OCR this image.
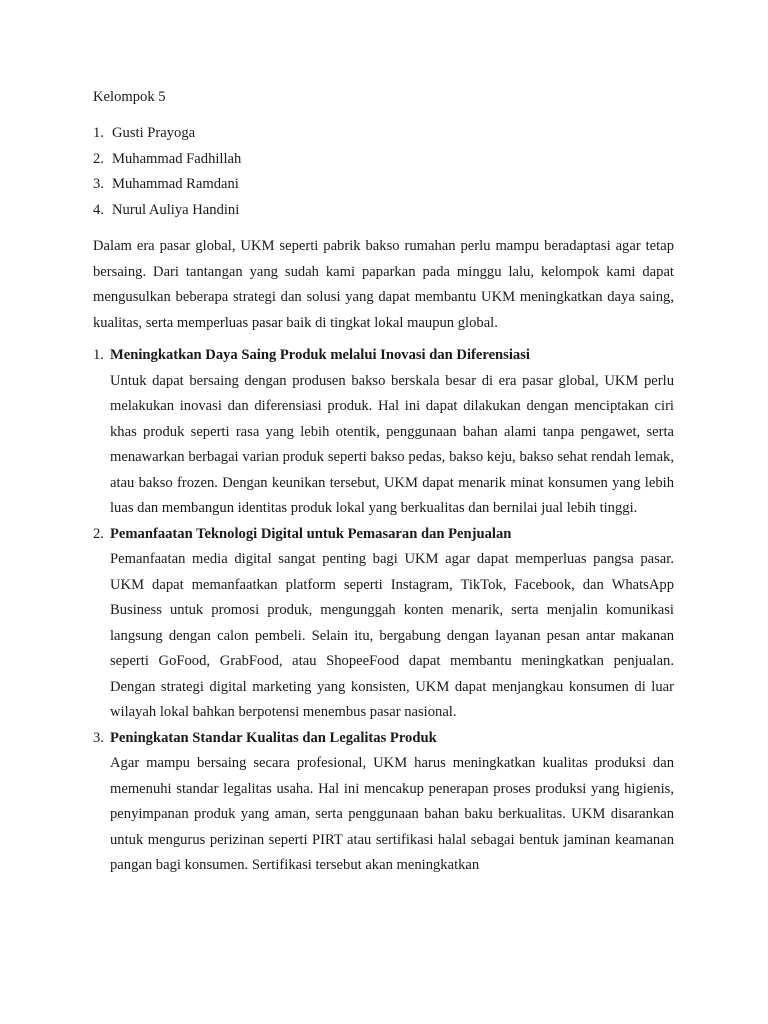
Kelompok 5

1. Gusti Prayoga
2. Muhammad Fadhillah
3. Muhammad Ramdani
4. Nurul Auliya Handini

Dalam era pasar global, UKM seperti pabrik bakso rumahan perlu mampu beradaptasi agar tetap bersaing. Dari tantangan yang sudah kami paparkan pada minggu lalu, kelompok kami dapat mengusulkan beberapa strategi dan solusi yang dapat membantu UKM meningkatkan daya saing, kualitas, serta memperluas pasar baik di tingkat lokal maupun global.

1. Meningkatkan Daya Saing Produk melalui Inovasi dan Diferensiasi

Untuk dapat bersaing dengan produsen bakso berskala besar di era pasar global, UKM perlu melakukan inovasi dan diferensiasi produk. Hal ini dapat dilakukan dengan menciptakan ciri khas produk seperti rasa yang lebih otentik, penggunaan bahan alami tanpa pengawet, serta menawarkan berbagai varian produk seperti bakso pedas, bakso keju, bakso sehat rendah lemak, atau bakso frozen. Dengan keunikan tersebut, UKM dapat menarik minat konsumen yang lebih luas dan membangun identitas produk lokal yang berkualitas dan bernilai jual lebih tinggi.

2. Pemanfaatan Teknologi Digital untuk Pemasaran dan Penjualan

Pemanfaatan media digital sangat penting bagi UKM agar dapat memperluas pangsa pasar. UKM dapat memanfaatkan platform seperti Instagram, TikTok, Facebook, dan WhatsApp Business untuk promosi produk, mengunggah konten menarik, serta menjalin komunikasi langsung dengan calon pembeli. Selain itu, bergabung dengan layanan pesan antar makanan seperti GoFood, GrabFood, atau ShopeeFood dapat membantu meningkatkan penjualan. Dengan strategi digital marketing yang konsisten, UKM dapat menjangkau konsumen di luar wilayah lokal bahkan berpotensi menembus pasar nasional.

3. Peningkatan Standar Kualitas dan Legalitas Produk

Agar mampu bersaing secara profesional, UKM harus meningkatkan kualitas produksi dan memenuhi standar legalitas usaha. Hal ini mencakup penerapan proses produksi yang higienis, penyimpanan produk yang aman, serta penggunaan bahan baku berkualitas. UKM disarankan untuk mengurus perizinan seperti PIRT atau sertifikasi halal sebagai bentuk jaminan keamanan pangan bagi konsumen. Sertifikasi tersebut akan meningkatkan
